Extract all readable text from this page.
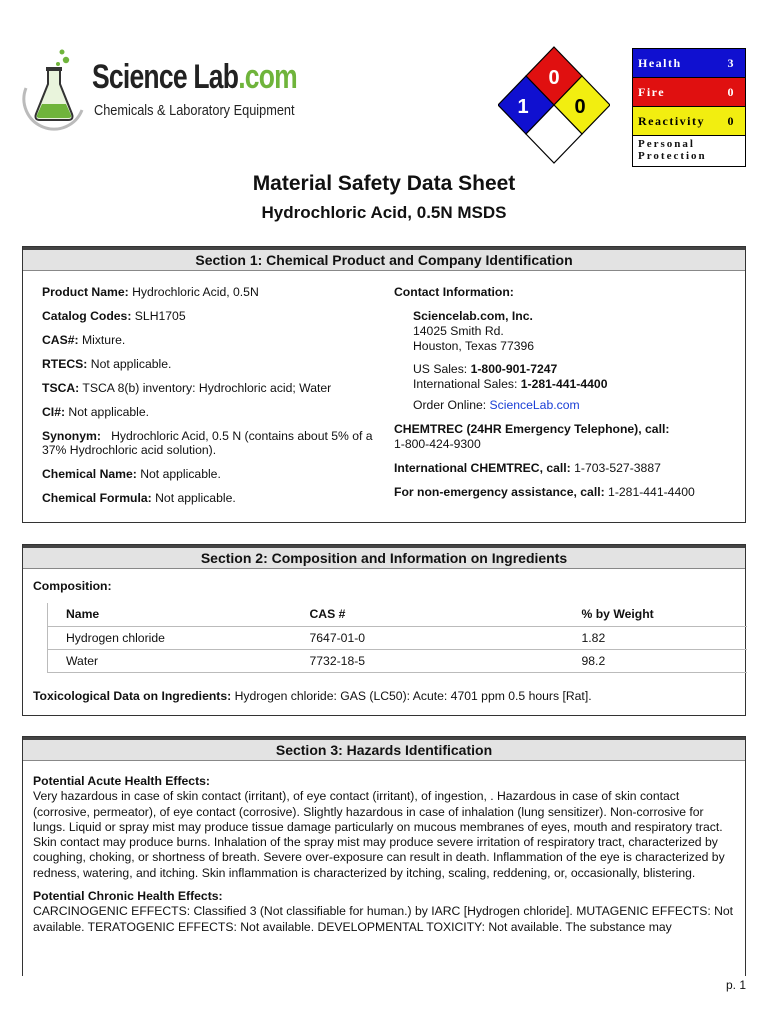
Science Lab.com
Chemicals & Laboratory Equipment
0
1 0
Health	3
Fire	0
Reactivity 0
Personal Protection
Material Safety Data Sheet
Hydrochloric Acid, 0.5N MSDS
Section 1: Chemical Product and Company Identification
Product Name: Hydrochloric Acid, 0.5N
Catalog Codes: SLH1705
CAS#: Mixture.
RTECS: Not applicable.
TSCA: TSCA 8(b) inventory: Hydrochloric acid; Water
CI#: Not applicable.
Synonym: Hydrochloric Acid, 0.5 N (contains about 5% of a 37% Hydrochloric acid solution).
Chemical Name: Not applicable.
Chemical Formula: Not applicable.
Contact Information:
Sciencelab.com, Inc.
14025 Smith Rd.
Houston, Texas 77396
US Sales: 1-800-901-7247
International Sales: 1-281-441-4400
Order Online: ScienceLab.com
CHEMTREC (24HR Emergency Telephone), call:
1-800-424-9300
International CHEMTREC, call: 1-703-527-3887
For non-emergency assistance, call: 1-281-441-4400
Section 2: Composition and Information on Ingredients
Composition:
Name	CAS #	% by Weight
Hydrogen chloride	7647-01-0	1.82
Water	7732-18-5	98.2
Toxicological Data on Ingredients: Hydrogen chloride: GAS (LC50): Acute: 4701 ppm 0.5 hours [Rat].
Section 3: Hazards Identification

Potential Acute Health Effects:
Very hazardous in case of skin contact (irritant), of eye contact (irritant), of ingestion, . Hazardous in case of skin contact (corrosive, permeator), of eye contact (corrosive). Slightly hazardous in case of inhalation (lung sensitizer). Non-corrosive for lungs. Liquid or spray mist may produce tissue damage particularly on mucous membranes of eyes, mouth and respiratory tract. Skin contact may produce burns. Inhalation of the spray mist may produce severe irritation of respiratory tract, characterized by coughing, choking, or shortness of breath. Severe over-exposure can result in death. Inflammation of the eye is characterized by redness, watering, and itching. Skin inflammation is characterized by itching, scaling, reddening, or, occasionally, blistering.

Potential Chronic Health Effects:
CARCINOGENIC EFFECTS: Classified 3 (Not classifiable for human.) by IARC [Hydrogen chloride]. MUTAGENIC EFFECTS: Not available. TERATOGENIC EFFECTS: Not available. DEVELOPMENTAL TOXICITY: Not available. The substance may

p. 1
